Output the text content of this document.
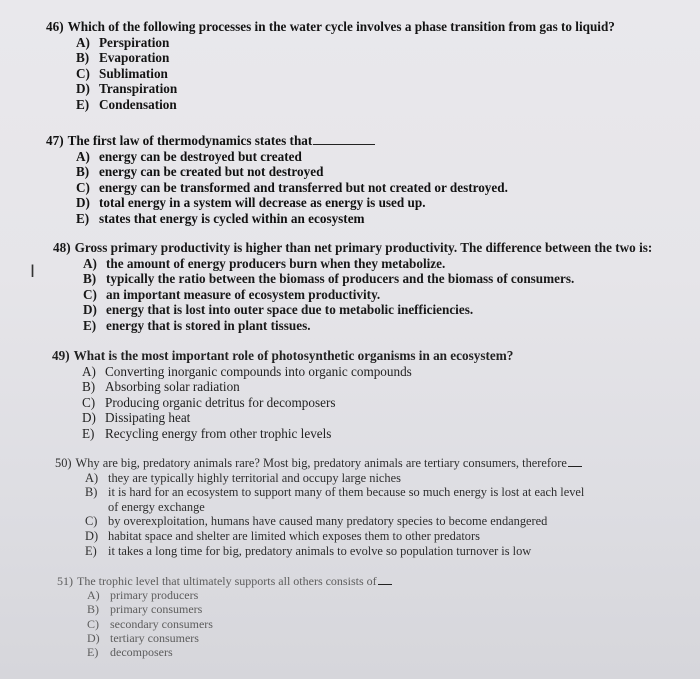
I
46) Which of the following processes in the water cycle involves a phase transition from gas to liquid?
A) Perspiration
B) Evaporation
C) Sublimation
D) Transpiration
E) Condensation
47) The first law of thermodynamics states that
A) energy can be destroyed but created
B) energy can be created but not destroyed
C) energy can be transformed and transferred but not created or destroyed.
D) total energy in a system will decrease as energy is used up.
E) states that energy is cycled within an ecosystem
48) Gross primary productivity is higher than net primary productivity. The difference between the two is:
A) the amount of energy producers burn when they metabolize.
B) typically the ratio between the biomass of producers and the biomass of consumers.
C) an important measure of ecosystem productivity.
D) energy that is lost into outer space due to metabolic inefficiencies.
E) energy that is stored in plant tissues.
49) What is the most important role of photosynthetic organisms in an ecosystem?
A) Converting inorganic compounds into organic compounds
B) Absorbing solar radiation
C) Producing organic detritus for decomposers
D) Dissipating heat
E) Recycling energy from other trophic levels
50) Why are big, predatory animals rare? Most big, predatory animals are tertiary consumers, therefore
A) they are typically highly territorial and occupy large niches
B) it is hard for an ecosystem to support many of them because so much energy is lost at each level
of energy exchange
C) by overexploitation, humans have caused many predatory species to become endangered
D) habitat space and shelter are limited which exposes them to other predators
E) it takes a long time for big, predatory animals to evolve so population turnover is low
51) The trophic level that ultimately supports all others consists of
A) primary producers
B) primary consumers
C) secondary consumers
D) tertiary consumers
E) decomposers
